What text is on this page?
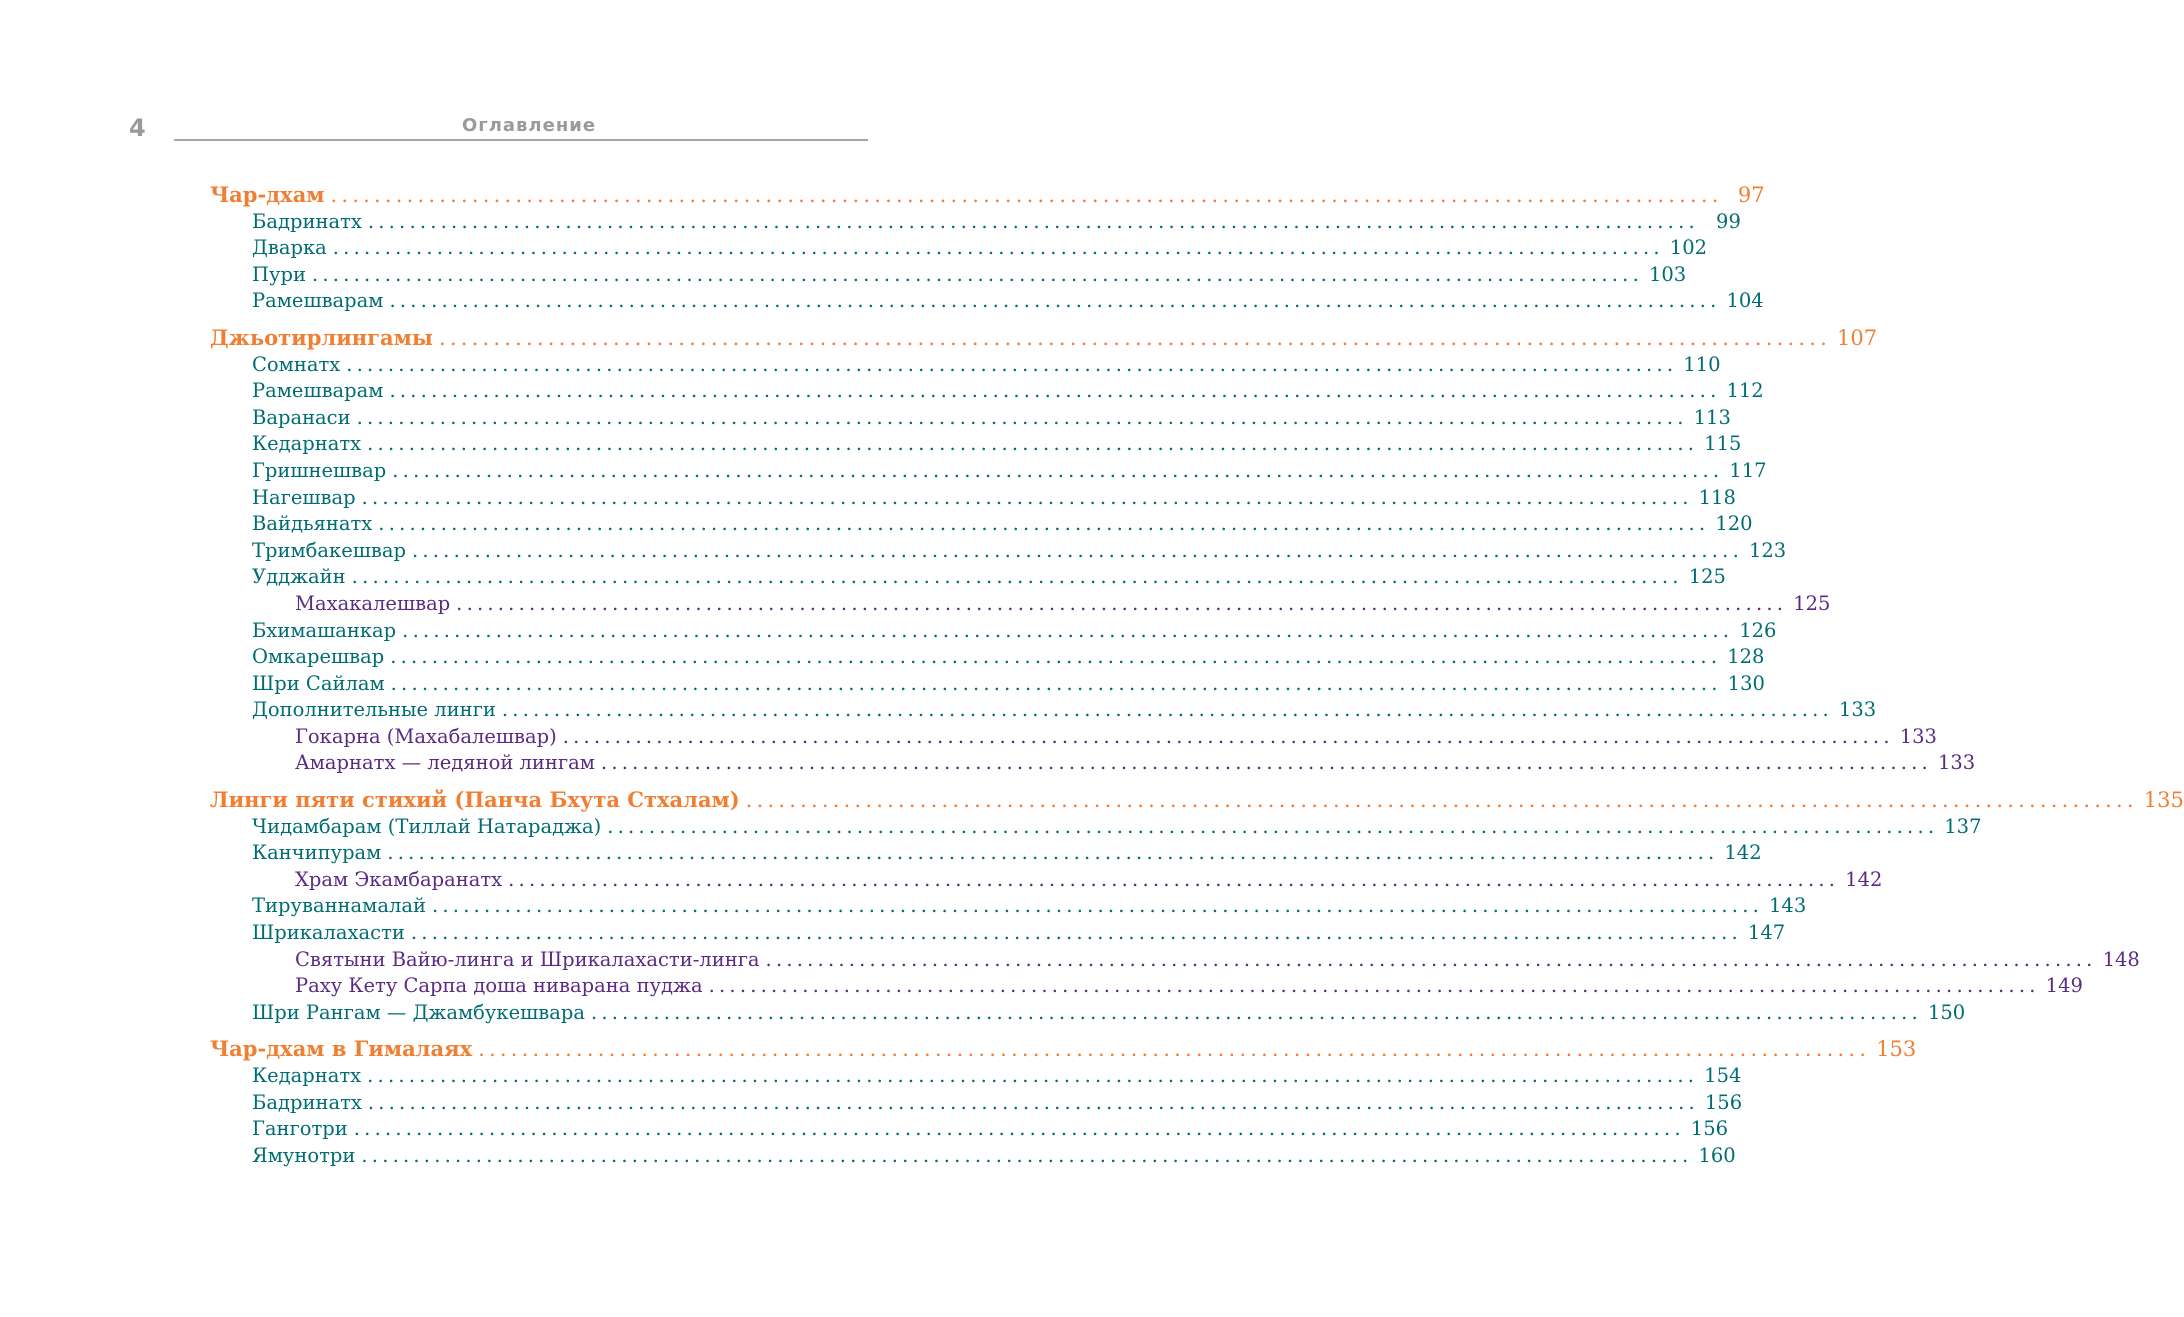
4	Оглавление
Чар-дхам ................................................................................................................................ 97
Бадринатх ................................................................................................................................ 99
Дварка ................................................................................................................................ 102
Пури ................................................................................................................................ 103
Рамешварам ................................................................................................................................ 104
Джьотирлингамы ................................................................................................................................ 107
Сомнатх ................................................................................................................................ 110
Рамешварам ................................................................................................................................ 112
Варанаси ................................................................................................................................ 113
Кедарнатх ................................................................................................................................ 115
Гришнешвар ................................................................................................................................ 117
Нагешвар ................................................................................................................................ 118
Вайдьянатх ................................................................................................................................ 120
Тримбакешвар ................................................................................................................................ 123
Удджайн ................................................................................................................................ 125
Махакалешвар ................................................................................................................................ 125
Бхимашанкар ................................................................................................................................ 126
Омкарешвар ................................................................................................................................ 128
Шри Сайлам ................................................................................................................................ 130
Дополнительные линги ................................................................................................................................ 133
Гокарна (Махабалешвар) ................................................................................................................................ 133
Амарнатх — ледяной лингам ................................................................................................................................ 133
Линги пяти стихий (Панча Бхута Стхалам) ................................................................................................................................ 135
Чидамбарам (Тиллай Натараджа) ................................................................................................................................ 137
Канчипурам ................................................................................................................................ 142
Храм Экамбаранатх ................................................................................................................................ 142
Тируваннамалай ................................................................................................................................ 143
Шрикалахасти ................................................................................................................................ 147
Святыни Вайю-линга и Шрикалахасти-линга ................................................................................................................................ 148
Раху Кету Сарпа доша ниварана пуджа ................................................................................................................................ 149
Шри Рангам — Джамбукешвара ................................................................................................................................ 150
Чар-дхам в Гималаях ................................................................................................................................ 153
Кедарнатх ................................................................................................................................ 154
Бадринатх ................................................................................................................................ 156
Ганготри ................................................................................................................................ 156
Ямунотри ................................................................................................................................ 160
